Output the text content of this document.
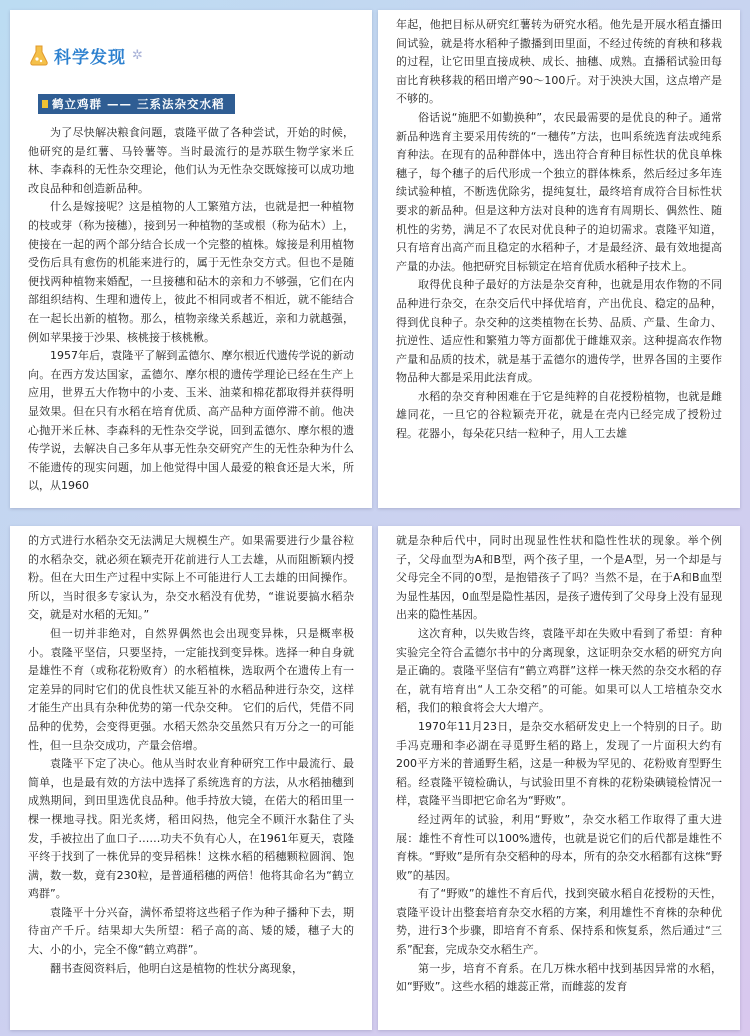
科学发现 ✲
鹤立鸡群 —— 三系法杂交水稻

为了尽快解决粮食问题，袁隆平做了各种尝试，开始的时候，他研究的是红薯、马铃薯等。当时最流行的是苏联生物学家米丘林、李森科的无性杂交理论，他们认为无性杂交既嫁接可以成功地改良品种和创造新品种。

什么是嫁接呢？这是植物的人工繁殖方法，也就是把一种植物的枝或芽（称为接穗），接到另一种植物的茎或根（称为砧木）上，使接在一起的两个部分结合长成一个完整的植株。嫁接是利用植物受伤后具有愈伤的机能来进行的，属于无性杂交方式。但也不是随便找两种植物来婚配，一旦接穗和砧木的亲和力不够强，它们在内部组织结构、生理和遗传上，彼此不相同或者不相近，就不能结合在一起长出新的植物。那么，植物亲缘关系越近，亲和力就越强，例如苹果接于沙果、核桃接于核桃楸。

1957年后，袁隆平了解到孟德尔、摩尔根近代遗传学说的新动向。在西方发达国家，孟德尔、摩尔根的遗传学理论已经在生产上应用，世界五大作物中的小麦、玉米、油菜和棉花都取得并获得明显效果。但在只有水稻在培育优质、高产品种方面停滞不前。他决心抛开米丘林、李森科的无性杂交学说，回到孟德尔、摩尔根的遗传学说，去解决自己多年从事无性杂交研究产生的无性杂种为什么不能遗传的现实问题，加上他觉得中国人最爱的粮食还是大米，所以，从1960

年起，他把目标从研究红薯转为研究水稻。他先是开展水稻直播田间试验，就是将水稻种子撒播到田里面，不经过传统的育秧和移栽的过程，让它田里直接成秧、成长、抽穗、成熟。直播稻试验田每亩比育秧移栽的稻田增产90～100斤。对于泱泱大国，这点增产是不够的。

俗话说“施肥不如勤换种”，农民最需要的是优良的种子。通常新品种选育主要采用传统的“一穗传”方法，也叫系统选育法或纯系育种法。在现有的品种群体中，选出符合育种目标性状的优良单株穗子，每个穗子的后代形成一个独立的群体株系，然后经过多年连续试验种植，不断选优除劣，提纯复壮，最终培育成符合目标性状要求的新品种。但是这种方法对良种的选育有周期长、偶然性、随机性的劣势，满足不了农民对优良种子的迫切需求。袁隆平知道，只有培育出高产而且稳定的水稻种子，才是最经济、最有效地提高产量的办法。他把研究目标锁定在培育优质水稻种子技术上。

取得优良种子最好的方法是杂交育种，也就是用农作物的不同品种进行杂交，在杂交后代中择优培育，产出优良、稳定的品种，得到优良种子。杂交种的这类植物在长势、品质、产量、生命力、抗逆性、适应性和繁殖力等方面都优于雌雄双亲。这种提高农作物产量和品质的技术，就是基于孟德尔的遗传学，世界各国的主要作物品种大都是采用此法育成。

水稻的杂交育种困难在于它是纯粹的自花授粉植物，也就是雌雄同花，一旦它的谷粒颖壳开花，就是在壳内已经完成了授粉过程。花器小，每朵花只结一粒种子，用人工去雄

的方式进行水稻杂交无法满足大规模生产。如果需要进行少量谷粒的水稻杂交，就必须在颖壳开花前进行人工去雄，从而阻断颖内授粉。但在大田生产过程中实际上不可能进行人工去雄的田间操作。所以，当时很多专家认为，杂交水稻没有优势，“谁说要搞水稻杂交，就是对水稻的无知。”

但一切并非绝对，自然界偶然也会出现变异株，只是概率极小。袁隆平坚信，只要坚持，一定能找到变异株。选择一种自身就是雄性不育（或称花粉败育）的水稻植株，选取两个在遗传上有一定差异的同时它们的优良性状又能互补的水稻品种进行杂交，这样才能生产出具有杂种优势的第一代杂交种。 它们的后代，凭借不同品种的优势，会变得更强。水稻天然杂交虽然只有万分之一的可能性，但一旦杂交成功，产量会倍增。

袁隆平下定了决心。他从当时农业育种研究工作中最流行、最简单，也是最有效的方法中选择了系统选育的方法，从水稻抽穗到成熟期间，到田里选优良品种。他手持放大镜，在偌大的稻田里一棵一棵地寻找。阳光炙烤，稻田闷热，他完全不顾汗水黏住了头发，手被拉出了血口子……功夫不负有心人，在1961年夏天，袁隆平终于找到了一株优异的变异稻株！这株水稻的稻穗颗粒圆润、饱满，数一数，竟有230粒，是普通稻穗的两倍！他将其命名为“鹤立鸡群”。

袁隆平十分兴奋，满怀希望将这些稻子作为种子播种下去，期待亩产千斤。结果却大失所望：稻子高的高、矮的矮，穗子大的大、小的小，完全不像“鹤立鸡群”。

翻书查阅资料后，他明白这是植物的性状分离现象，

就是杂种后代中，同时出现显性性状和隐性性状的现象。举个例子，父母血型为A和B型，两个孩子里，一个是A型，另一个却是与父母完全不同的0型，是抱错孩子了吗？当然不是，在于A和B血型为显性基因，0血型是隐性基因，是孩子遗传到了父母身上没有显现出来的隐性基因。

这次育种，以失败告终，袁隆平却在失败中看到了希望：育种实验完全符合孟德尔书中的分离现象，这证明杂交水稻的研究方向是正确的。袁隆平坚信有“鹤立鸡群”这样一株天然的杂交水稻的存在，就有培育出“人工杂交稻”的可能。如果可以人工培植杂交水稻，我们的粮食将会大大增产。

1970年11月23日，是杂交水稻研发史上一个特别的日子。助手冯克珊和李必湖在寻觅野生稻的路上，发现了一片面积大约有200平方米的普通野生稻，这是一种极为罕见的、花粉败育型野生稻。经袁隆平镜检确认，与试验田里不育株的花粉染碘镜检情况一样，袁隆平当即把它命名为“野败”。

经过两年的试验，利用“野败”，杂交水稻工作取得了重大进展：雄性不育性可以100%遗传，也就是说它们的后代都是雄性不育株。“野败”是所有杂交稻种的母本，所有的杂交水稻都有这株“野败”的基因。

有了“野败”的雄性不育后代，找到突破水稻自花授粉的天性，袁隆平设计出整套培育杂交水稻的方案，利用雄性不育株的杂种优势，进行3个步骤，即培育不育系、保持系和恢复系，然后通过“三系”配套，完成杂交水稻生产。

第一步，培育不育系。在几万株水稻中找到基因异常的水稻，如“野败”。这些水稻的雄蕊正常，而雌蕊的发育
